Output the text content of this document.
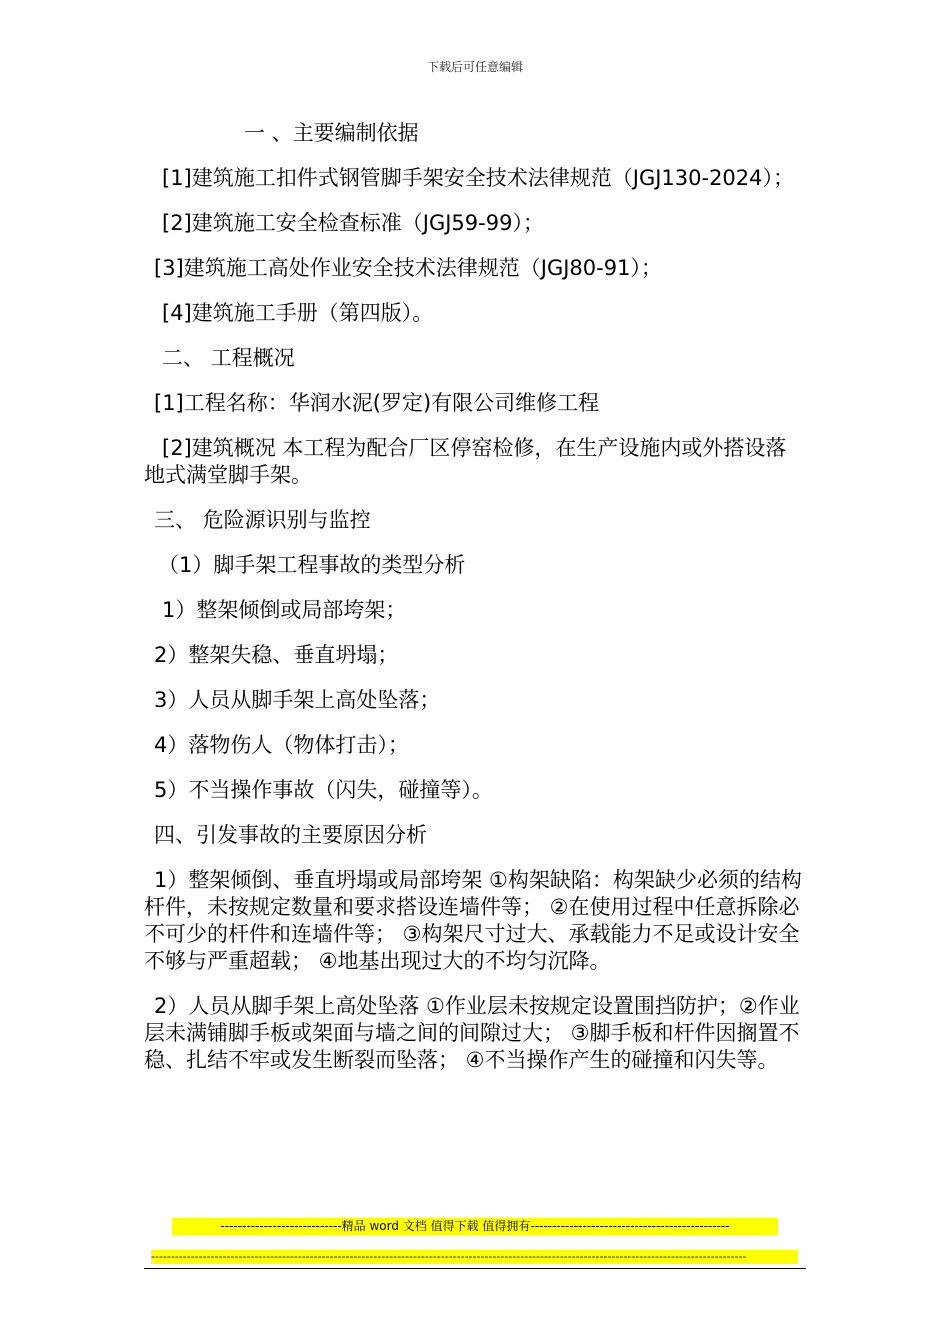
下载后可任意编辑

一 、主要编制依据

[1]建筑施工扣件式钢管脚手架安全技术法律规范（JGJ130-2024）；

[2]建筑施工安全检查标准（JGJ59-99）；

[3]建筑施工高处作业安全技术法律规范（JGJ80-91）；

[4]建筑施工手册（第四版）。

二、 工程概况

[1]工程名称：华润水泥(罗定)有限公司维修工程

[2]建筑概况 本工程为配合厂区停窑检修，在生产设施内或外搭设落地式满堂脚手架。

三、 危险源识别与监控

（1）脚手架工程事故的类型分析

1）整架倾倒或局部垮架；

2）整架失稳、垂直坍塌；

3）人员从脚手架上高处坠落；

4）落物伤人（物体打击）；

5）不当操作事故（闪失，碰撞等）。

四、引发事故的主要原因分析

1）整架倾倒、垂直坍塌或局部垮架 ①构架缺陷：构架缺少必须的结构杆件，未按规定数量和要求搭设连墙件等； ②在使用过程中任意拆除必不可少的杆件和连墙件等； ③构架尺寸过大、承载能力不足或设计安全不够与严重超载； ④地基出现过大的不均匀沉降。

2）人员从脚手架上高处坠落 ①作业层未按规定设置围挡防护；②作业层未满铺脚手板或架面与墙之间的间隙过大； ③脚手板和杆件因搁置不稳、扎结不牢或发生断裂而坠落； ④不当操作产生的碰撞和闪失等。

----------------------------精品 word 文档 值得下载 值得拥有----------------------------------------------
------------------------------------------------------------------------------------------------------------------------------------------------------
